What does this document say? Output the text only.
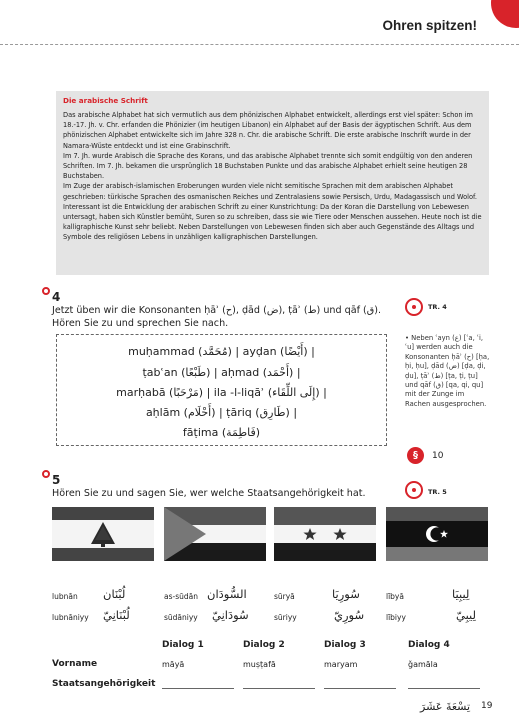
Ohren spitzen!
Die arabische Schrift

Das arabische Alphabet hat sich vermutlich aus dem phönizischen Alphabet entwickelt, allerdings erst viel später: Schon im 18.-17. Jh. v. Chr. erfanden die Phönizier (im heutigen Libanon) ein Alphabet auf der Basis der ägyptischen Schrift. Aus dem phönizischen Alphabet entwickelte sich im Jahre 328 n. Chr. die arabische Schrift. Die erste arabische Inschrift wurde in der Namara-Wüste entdeckt und ist eine Grabinschrift.

Im 7. Jh. wurde Arabisch die Sprache des Korans, und das arabische Alphabet trennte sich somit endgültig von den anderen Schriften. Im 7. Jh. bekamen die ursprünglich 18 Buchstaben Punkte und das arabische Alphabet erhielt seine heutigen 28 Buchstaben.

Im Zuge der arabisch-islamischen Eroberungen wurden viele nicht semitische Sprachen mit dem arabischen Alphabet geschrieben: türkische Sprachen des osmanischen Reiches und Zentralasiens sowie Persisch, Urdu, Madagassisch und Wolof.

Interessant ist die Entwicklung der arabischen Schrift zu einer Kunstrichtung: Da der Koran die Darstellung von Lebewesen untersagt, haben sich Künstler bemüht, Suren so zu schreiben, dass sie wie Tiere oder Menschen aussehen. Heute noch ist die kalligraphische Kunst sehr beliebt. Neben Darstellungen von Lebewesen finden sich aber auch Gegenstände des Alltags und Symbole des religiösen Lebens in unzähligen kalligraphischen Darstellungen.

4
Jetzt üben wir die Konsonanten ḥāʾ (ح), ḍād (ض), ṭāʾ (ط) und qāf (ق).
Hören Sie zu und sprechen Sie nach.
muḥammad (مُحَمَّد) | ayḍan (أَيْضًا) |
ṭabʿan (طَبْعًا) | aḥmad (أَحْمَد) |
marḥabā (مَرْحَبًا) | ila -l-liqāʾ (إِلَى اللِّقَاء) |
aḥlām (أَحْلَام) | ṭāriq (طَارِق) |
fāṭima (فَاطِمَة)
TR. 4
• Neben ʿayn (ع) [ʿa, ʿi, ʿu] werden auch die Konsonanten ḥāʾ (ح) [ḥa, ḥi, ḥu], ḍād (ض) [ḍa, ḍi, ḍu], ṭāʾ (ط) [ṭa, ṭi, ṭu] und qāf (ق) [qa, qi, qu] mit der Zunge im Rachen ausgesprochen.
§	10
5
Hören Sie zu und sagen Sie, wer welche Staatsangehörigkeit hat.	TR. 5
lubnān لُبْنَان
lubnāniyy لُبْنَانِيّ
as-sūdān السُّودَان
sūdāniyy سُودَانِيّ
sūryā	سُورِيَا
sūriyy	سُورِيّ
lībyā	لِيبِيَا
lībiyy	لِيبِيّ
Dialog 1	Dialog 2	Dialog 3	Dialog 4
Vorname	māyā	muṣṭafā	maryam	ǧamāla
Staatsangehörigkeit
تِسْعَةَ عَشَرَ 19
